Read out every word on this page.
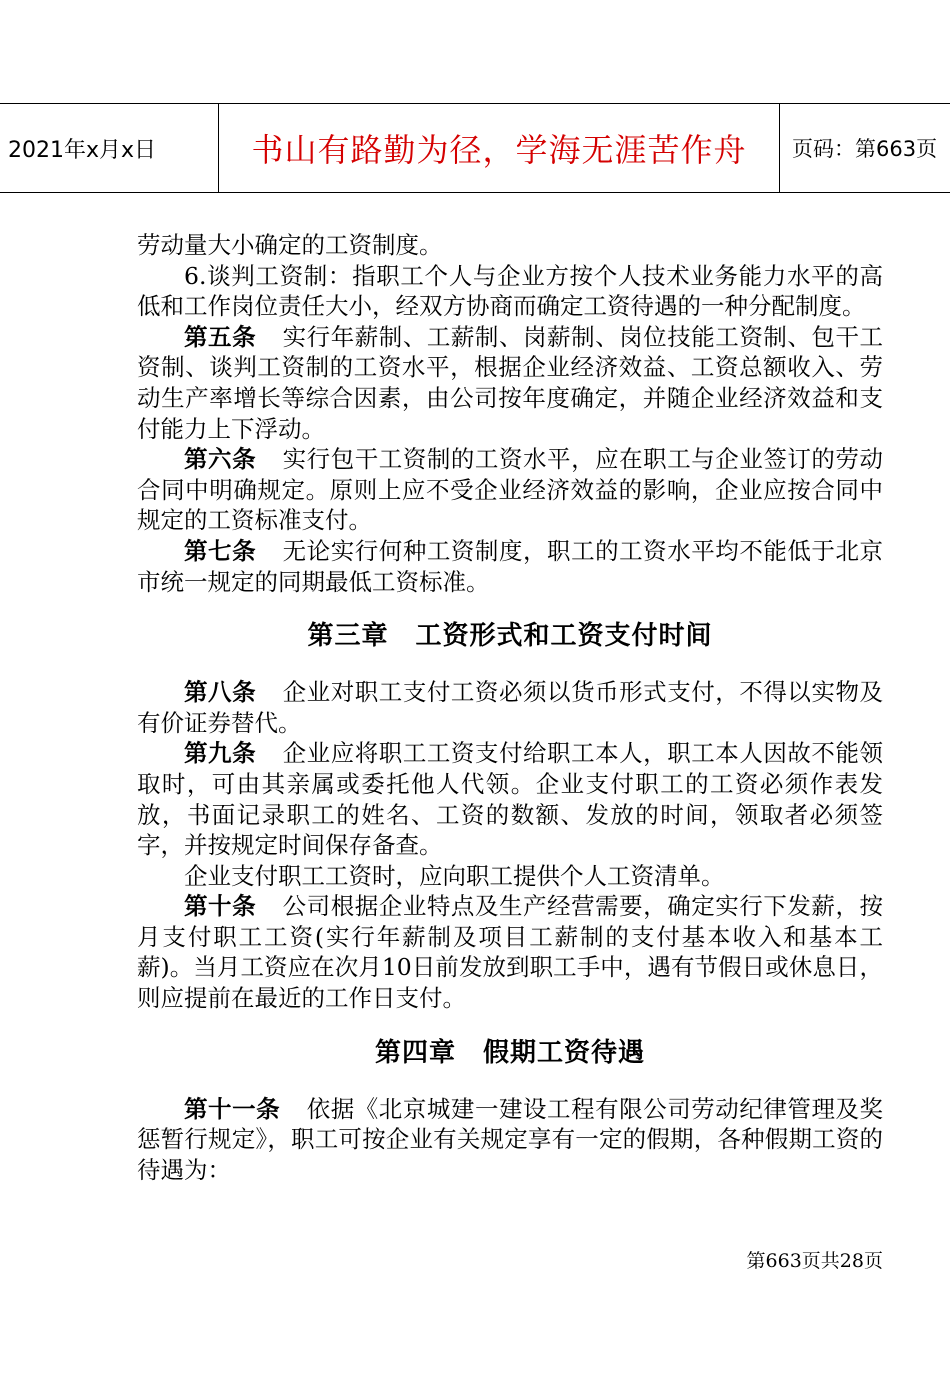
2021年x月x日	书山有路勤为径，学海无涯苦作舟	页码：第663页

劳动量大小确定的工资制度。

6.谈判工资制：指职工个人与企业方按个人技术业务能力水平的高低和工作岗位责任大小，经双方协商而确定工资待遇的一种分配制度。

第五条 实行年薪制、工薪制、岗薪制、岗位技能工资制、包干工资制、谈判工资制的工资水平，根据企业经济效益、工资总额收入、劳动生产率增长等综合因素，由公司按年度确定，并随企业经济效益和支付能力上下浮动。

第六条 实行包干工资制的工资水平，应在职工与企业签订的劳动合同中明确规定。原则上应不受企业经济效益的影响，企业应按合同中规定的工资标准支付。

第七条 无论实行何种工资制度，职工的工资水平均不能低于北京市统一规定的同期最低工资标准。

第三章　工资形式和工资支付时间

第八条 企业对职工支付工资必须以货币形式支付，不得以实物及有价证券替代。

第九条 企业应将职工工资支付给职工本人，职工本人因故不能领取时，可由其亲属或委托他人代领。企业支付职工的工资必须作表发放，书面记录职工的姓名、工资的数额、发放的时间，领取者必须签字，并按规定时间保存备查。

企业支付职工工资时，应向职工提供个人工资清单。

第十条 公司根据企业特点及生产经营需要，确定实行下发薪，按月支付职工工资(实行年薪制及项目工薪制的支付基本收入和基本工薪)。当月工资应在次月10日前发放到职工手中，遇有节假日或休息日，则应提前在最近的工作日支付。

第四章　假期工资待遇

第十一条 依据《北京城建一建设工程有限公司劳动纪律管理及奖惩暂行规定》，职工可按企业有关规定享有一定的假期，各种假期工资的待遇为：

第663页共28页
